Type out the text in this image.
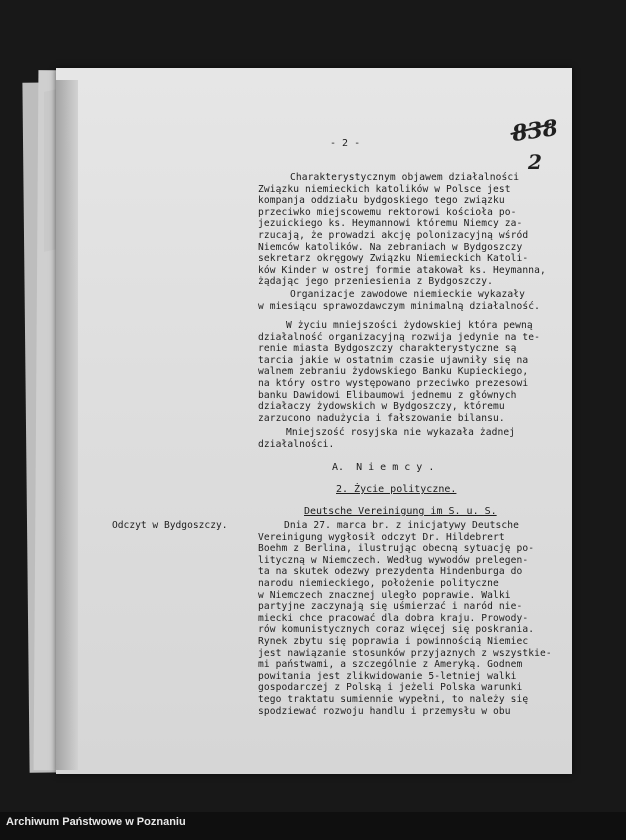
- 2 -	838
2
Charakterystycznym objawem działalności
Związku niemieckich katolików w Polsce jest
kompanja oddziału bydgoskiego tego związku
przeciwko miejscowemu rektorowi kościoła po-
jezuickiego ks. Heymannowi któremu Niemcy za-
rzucają, że prowadzi akcję polonizacyjną wśród
Niemców katolików. Na zebraniach w Bydgoszczy
sekretarz okręgowy Związku Niemieckich Katoli-
ków Kinder w ostrej formie atakował ks. Heymanna,
żądając jego przeniesienia z Bydgoszczy.
Organizacje zawodowe niemieckie wykazały
w miesiącu sprawozdawczym minimalną działalność.
W życiu mniejszości żydowskiej która pewną
działalność organizacyjną rozwija jedynie na te-
renie miasta Bydgoszczy charakterystyczne są
tarcia jakie w ostatnim czasie ujawniły się na
walnem zebraniu żydowskiego Banku Kupieckiego,
na który ostro występowano przeciwko prezesowi
banku Dawidowi Elibaumowi jednemu z głównych
działaczy żydowskich w Bydgoszczy, któremu
zarzucono nadużycia i fałszowanie bilansu.
Mniejszość rosyjska nie wykazała żadnej
działalności.
A.  N i e m c y .
2. Życie polityczne.
Deutsche Vereinigung im S. u. S.
Odczyt w Bydgoszczy.	Dnia 27. marca br. z inicjatywy Deutsche
Vereinigung wygłosił odczyt Dr. Hildebrert
Boehm z Berlina, ilustrując obecną sytuację po-
lityczną w Niemczech. Według wywodów prelegen-
ta na skutek odezwy prezydenta Hindenburga do
narodu niemieckiego, położenie polityczne
w Niemczech znacznej uległo poprawie. Walki
partyjne zaczynają się uśmierzać i naród nie-
miecki chce pracować dla dobra kraju. Prowody-
rów komunistycznych coraz więcej się poskrania.
Rynek zbytu się poprawia i powinnością Niemiec
jest nawiązanie stosunków przyjaznych z wszystkie-
mi państwami, a szczególnie z Ameryką. Godnem
powitania jest zlikwidowanie 5-letniej walki
gospodarczej z Polską i jeżeli Polska warunki
tego traktatu sumiennie wypełni, to należy się
spodziewać rozwoju handlu i przemysłu w obu
Archiwum Państwowe w Poznaniu
